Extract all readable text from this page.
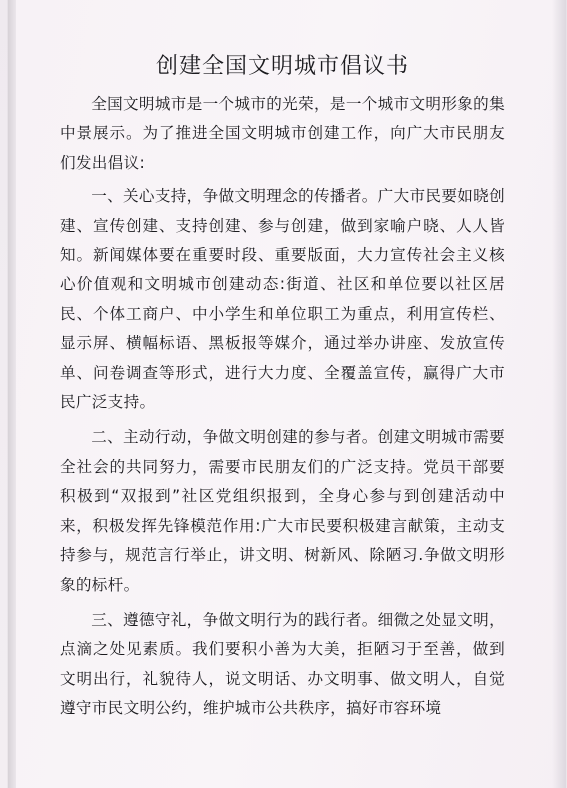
创建全国文明城市倡议书

全国文明城市是一个城市的光荣，是一个城市文明形象的集中景展示。为了推进全国文明城市创建工作，向广大市民朋友们发出倡议:

一、关心支持，争做文明理念的传播者。广大市民要如晓创建、宣传创建、支持创建、参与创建，做到家喻户晓、人人皆知。新闻媒体要在重要时段、重要版面，大力宣传社会主义核心价值观和文明城市创建动态:街道、社区和单位要以社区居民、个体工商户、中小学生和单位职工为重点，利用宣传栏、显示屏、横幅标语、黑板报等媒介，通过举办讲座、发放宣传单、问卷调查等形式，进行大力度、全覆盖宣传，赢得广大市民广泛支持。

二、主动行动，争做文明创建的参与者。创建文明城市需要全社会的共同努力，需要市民朋友们的广泛支持。党员干部要积极到“双报到”社区党组织报到，全身心参与到创建活动中来，积极发挥先锋模范作用:广大市民要积极建言献策，主动支持参与，规范言行举止，讲文明、树新风、除陋习.争做文明形象的标杆。

三、遵德守礼，争做文明行为的践行者。细微之处显文明，点滴之处见素质。我们要积小善为大美，拒陋习于至善，做到文明出行，礼貌待人，说文明话、办文明事、做文明人，自觉遵守市民文明公约，维护城市公共秩序，搞好市容环境
